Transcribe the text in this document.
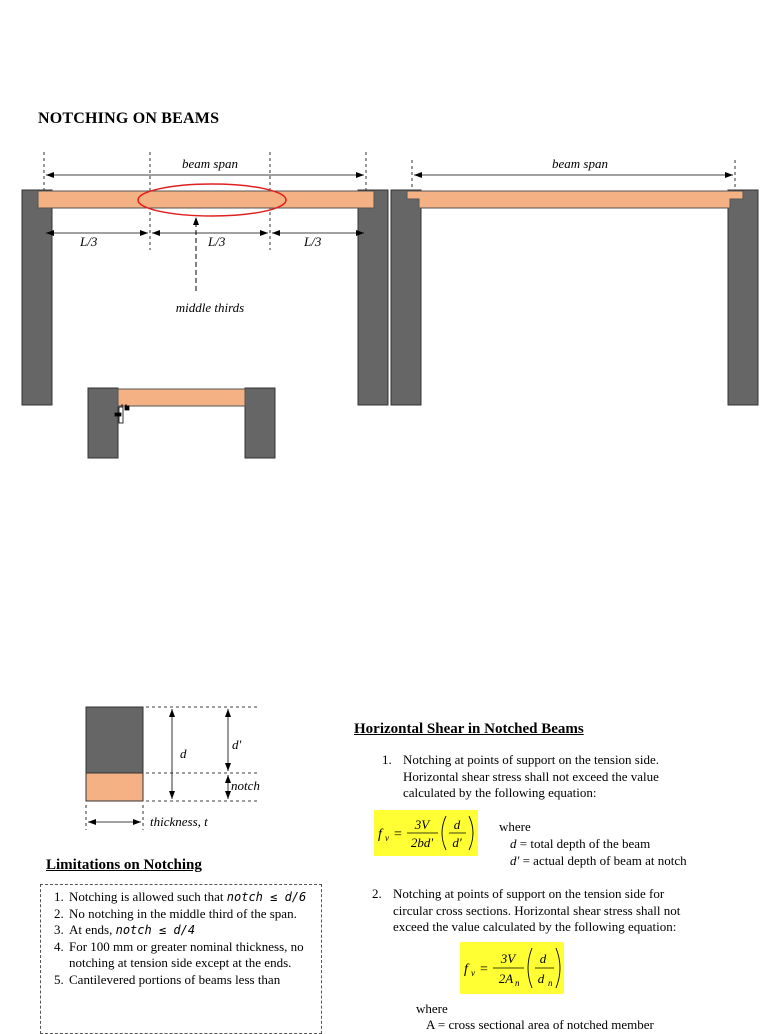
NOTCHING ON BEAMS
beam span
L/3	L/3	L/3
middle thirds
beam span
d
d′
notch
thickness, t
Horizontal Shear in Notched Beams
1. Notching at points of support on the tension side.
Horizontal shear stress shall not exceed the value
calculated by the following equation:
f v =
3V
2bd′
d
d′
where
d = total depth of the beam
d′ = actual depth of beam at notch
2. Notching at points of support on the tension side for
circular cross sections. Horizontal shear stress shall not
exceed the value calculated by the following equation:
f v =
3V
2A n
d
d n
where
A = cross sectional area of notched member
Limitations on Notching
1. Notching is allowed such that notch ≤ d/6
2. No notching in the middle third of the span.
3. At ends, notch ≤ d/4
4. For 100 mm or greater nominal thickness, no notching at tension side except at the ends.
5. Cantilevered portions of beams less than
